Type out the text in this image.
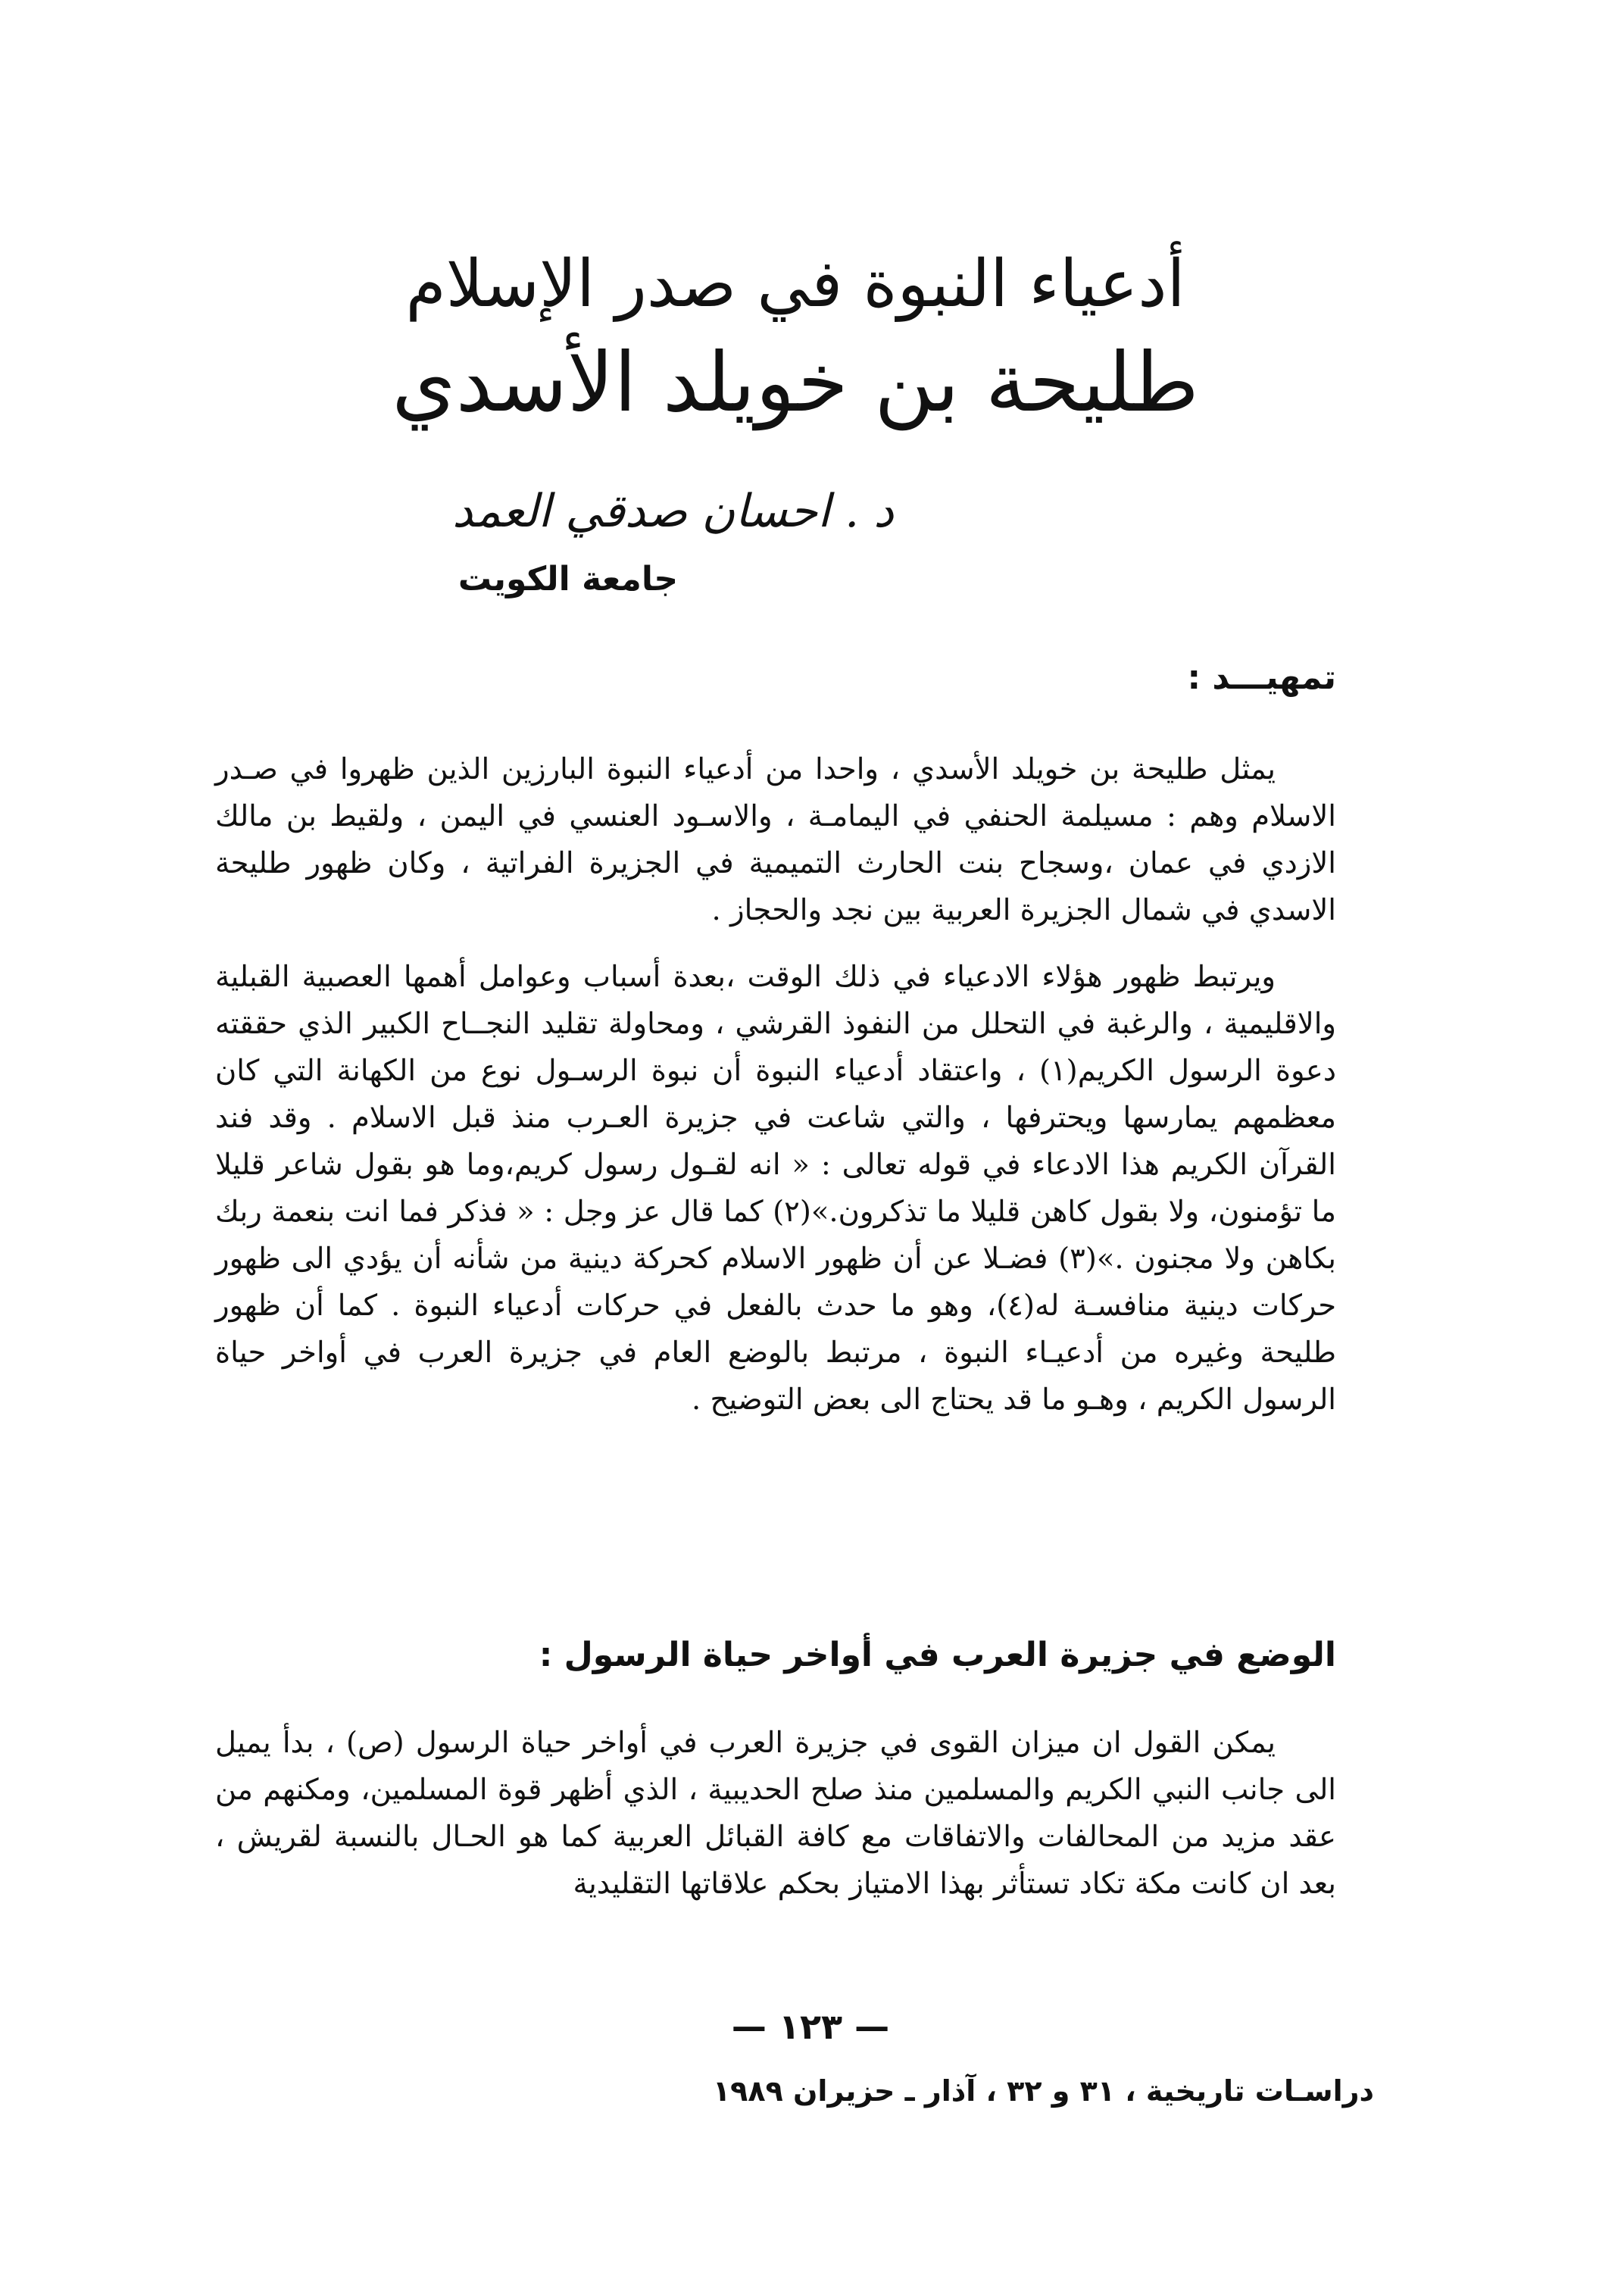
أدعياء النبوة في صدر الإسلام
طليحة بن خويلد الأسدي
د . احسان صدقي العمد
جامعة الكويت
تمهيـــد :

يمثل طليحة بن خويلد الأسدي ، واحدا من أدعياء النبوة البارزين الذين ظهروا في صـدر الاسلام وهم : مسيلمة الحنفي في اليمامـة ، والاسـود العنسي في اليمن ، ولقيط بن مالك الازدي في عمان ،وسجاح بنت الحارث التميمية في الجزيرة الفراتية ، وكان ظهور طليحة الاسدي في شمال الجزيرة العربية بين نجد والحجاز .

ويرتبط ظهور هؤلاء الادعياء في ذلك الوقت ،بعدة أسباب وعوامل أهمها العصبية القبلية والاقليمية ، والرغبة في التحلل من النفوذ القرشي ، ومحاولة تقليد النجــاح الكبير الذي حققته دعوة الرسول الكريم(١) ، واعتقاد أدعياء النبوة أن نبوة الرسـول نوع من الكهانة التي كان معظمهم يمارسها ويحترفها ، والتي شاعت في جزيرة العـرب منذ قبل الاسلام . وقد فند القرآن الكريم هذا الادعاء في قوله تعالى : « انه لقـول رسول كريم،وما هو بقول شاعر قليلا ما تؤمنون، ولا بقول كاهن قليلا ما تذكرون.»(٢) كما قال عز وجل : « فذكر فما انت بنعمة ربك بكاهن ولا مجنون .»(٣) فضـلا عن أن ظهور الاسلام كحركة دينية من شأنه أن يؤدي الى ظهور حركات دينية منافسـة له(٤)، وهو ما حدث بالفعل في حركات أدعياء النبوة . كما أن ظهور طليحة وغيره من أدعيـاء النبوة ، مرتبط بالوضع العام في جزيرة العرب في أواخر حياة الرسول الكريم ، وهـو ما قد يحتاج الى بعض التوضيح .

الوضع في جزيرة العرب في أواخر حياة الرسول :

يمكن القول ان ميزان القوى في جزيرة العرب في أواخر حياة الرسول (ص) ، بدأ يميل الى جانب النبي الكريم والمسلمين منذ صلح الحديبية ، الذي أظهر قوة المسلمين، ومكنهم من عقد مزيد من المحالفات والاتفاقات مع كافة القبائل العربية كما هو الحـال بالنسبة لقريش ، بعد ان كانت مكة تكاد تستأثر بهذا الامتياز بحكم علاقاتها التقليدية

— ١٢٣ —
دراسـات تاريخية ، ٣١ و ٣٢ ، آذار ـ حزيران ١٩٨٩
